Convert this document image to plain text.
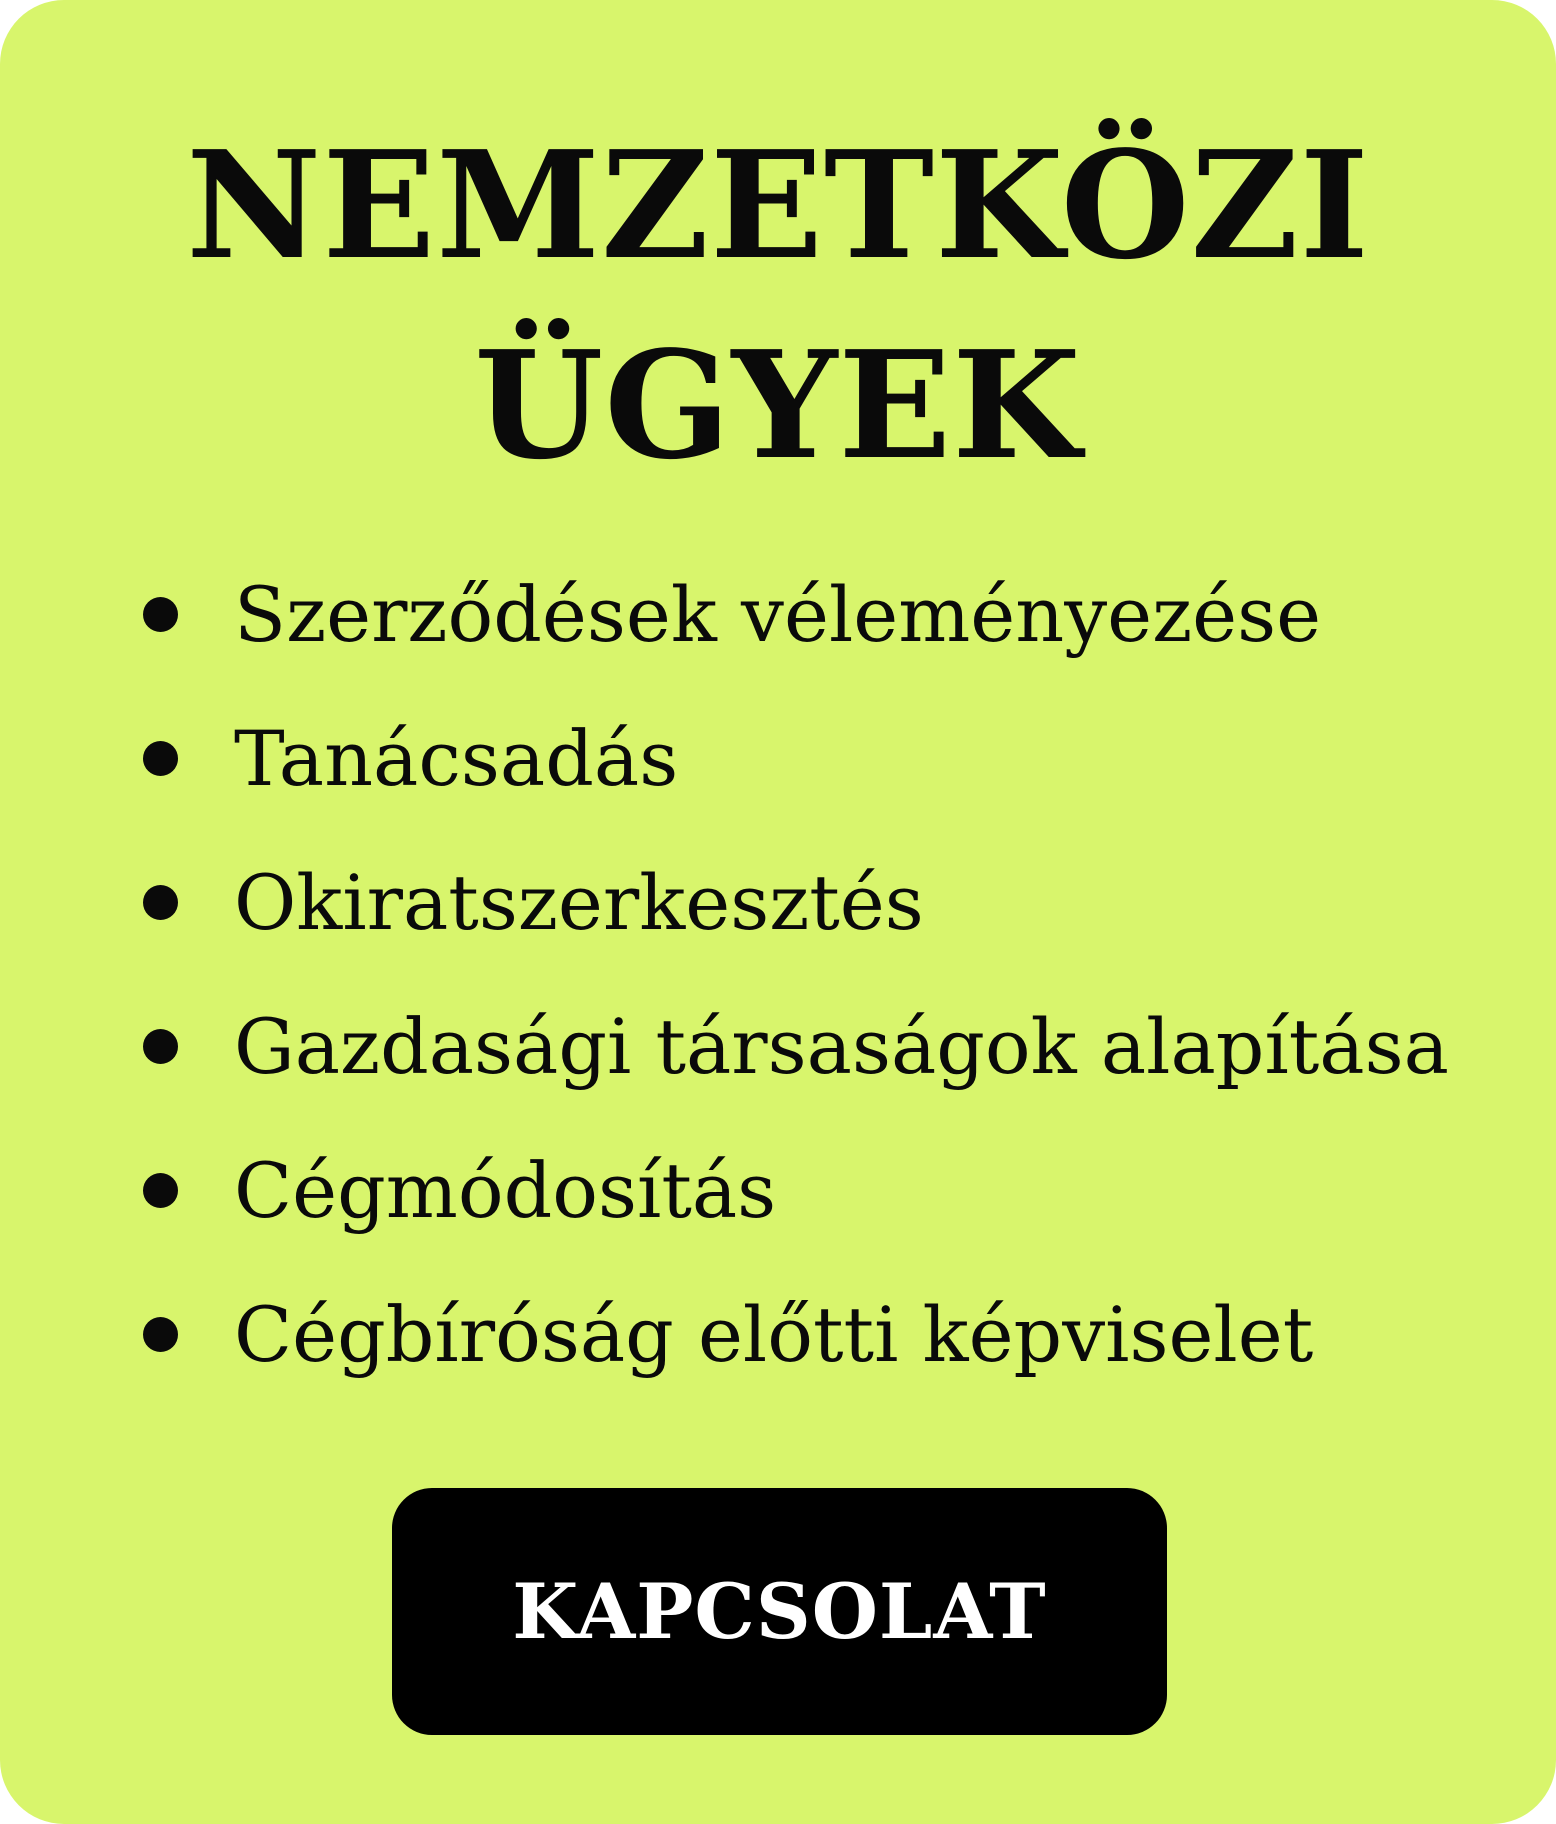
NEMZETKÖZI
ÜGYEK
Szerződések véleményezése
Tanácsadás
Okiratszerkesztés
Gazdasági társaságok alapítása
Cégmódosítás
Cégbíróság előtti képviselet
KAPCSOLAT
